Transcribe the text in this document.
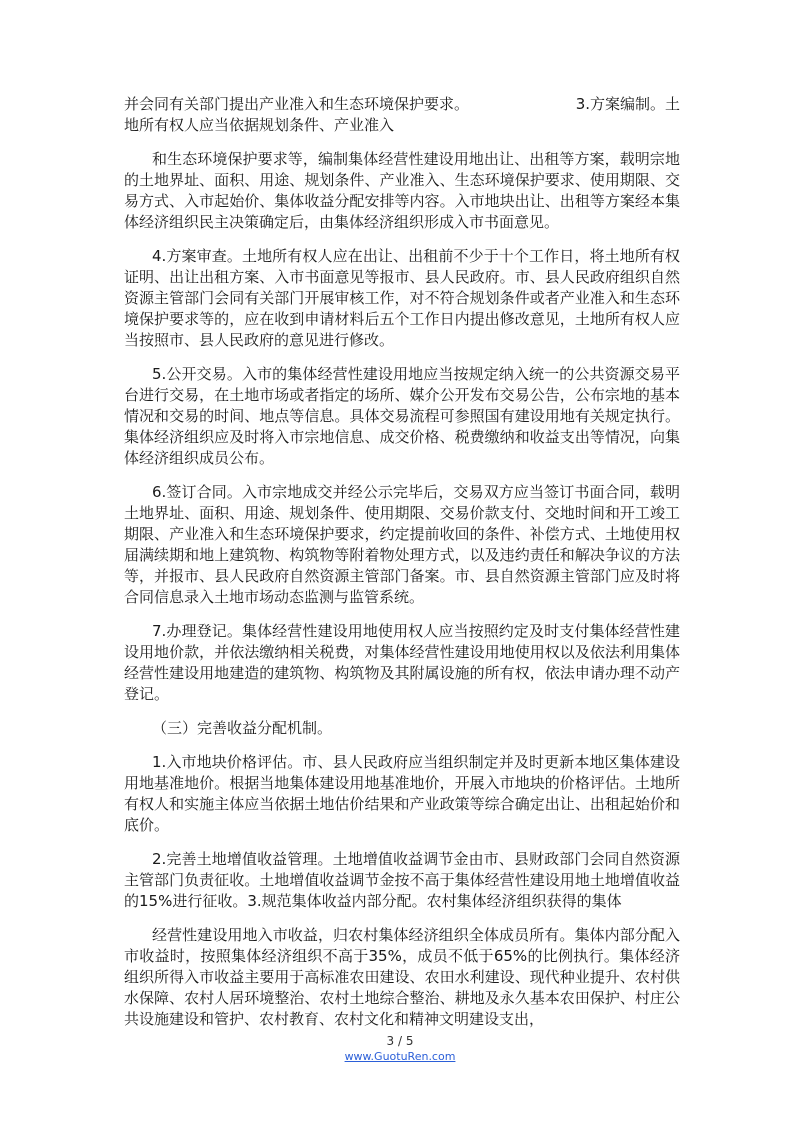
并会同有关部门提出产业准入和生态环境保护要求。	3.方案编制。土

地所有权人应当依据规划条件、产业准入

和生态环境保护要求等，编制集体经营性建设用地出让、出租等方案，载明宗地的土地界址、面积、用途、规划条件、产业准入、生态环境保护要求、使用期限、交易方式、入市起始价、集体收益分配安排等内容。入市地块出让、出租等方案经本集体经济组织民主决策确定后，由集体经济组织形成入市书面意见。

4.方案审查。土地所有权人应在出让、出租前不少于十个工作日，将土地所有权证明、出让出租方案、入市书面意见等报市、县人民政府。市、县人民政府组织自然资源主管部门会同有关部门开展审核工作，对不符合规划条件或者产业准入和生态环境保护要求等的，应在收到申请材料后五个工作日内提出修改意见，土地所有权人应当按照市、县人民政府的意见进行修改。

5.公开交易。入市的集体经营性建设用地应当按规定纳入统一的公共资源交易平台进行交易，在土地市场或者指定的场所、媒介公开发布交易公告，公布宗地的基本情况和交易的时间、地点等信息。具体交易流程可参照国有建设用地有关规定执行。集体经济组织应及时将入市宗地信息、成交价格、税费缴纳和收益支出等情况，向集体经济组织成员公布。

6.签订合同。入市宗地成交并经公示完毕后，交易双方应当签订书面合同，载明土地界址、面积、用途、规划条件、使用期限、交易价款支付、交地时间和开工竣工期限、产业准入和生态环境保护要求，约定提前收回的条件、补偿方式、土地使用权届满续期和地上建筑物、构筑物等附着物处理方式，以及违约责任和解决争议的方法等，并报市、县人民政府自然资源主管部门备案。市、县自然资源主管部门应及时将合同信息录入土地市场动态监测与监管系统。

7.办理登记。集体经营性建设用地使用权人应当按照约定及时支付集体经营性建设用地价款，并依法缴纳相关税费，对集体经营性建设用地使用权以及依法利用集体经营性建设用地建造的建筑物、构筑物及其附属设施的所有权，依法申请办理不动产登记。

（三）完善收益分配机制。

1.入市地块价格评估。市、县人民政府应当组织制定并及时更新本地区集体建设用地基准地价。根据当地集体建设用地基准地价，开展入市地块的价格评估。土地所有权人和实施主体应当依据土地估价结果和产业政策等综合确定出让、出租起始价和底价。

2.完善土地增值收益管理。土地增值收益调节金由市、县财政部门会同自然资源主管部门负责征收。土地增值收益调节金按不高于集体经营性建设用地土地增值收益的15%进行征收。3.规范集体收益内部分配。农村集体经济组织获得的集体

经营性建设用地入市收益，归农村集体经济组织全体成员所有。集体内部分配入市收益时，按照集体经济组织不高于35%，成员不低于65%的比例执行。集体经济组织所得入市收益主要用于高标准农田建设、农田水利建设、现代种业提升、农村供水保障、农村人居环境整治、农村土地综合整治、耕地及永久基本农田保护、村庄公共设施建设和管护、农村教育、农村文化和精神文明建设支出，

3 / 5
www.GuotuRen.com
